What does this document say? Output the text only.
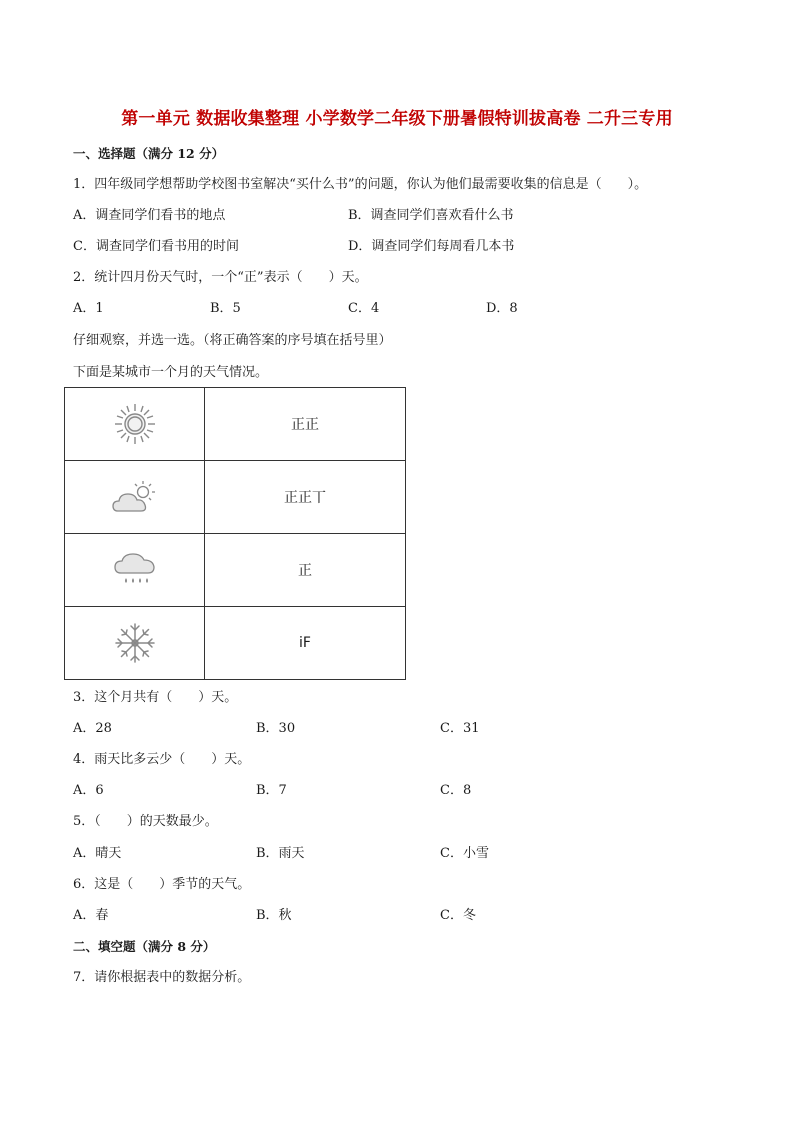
第一单元 数据收集整理 小学数学二年级下册暑假特训拔高卷 二升三专用
一、选择题（满分 12 分）
1．四年级同学想帮助学校图书室解决“买什么书”的问题，你认为他们最需要收集的信息是（　　）。
A．调查同学们看书的地点	B．调查同学们喜欢看什么书
C．调查同学们看书用的时间	D．调查同学们每周看几本书
2．统计四月份天气时，一个“正”表示（　　）天。
A．1	B．5	C．4	D．8
仔细观察，并选一选。（将正确答案的序号填在括号里）
下面是某城市一个月的天气情况。
	正正

	正正丅

	正

	iF
3．这个月共有（　　）天。
A．28	B．30	C．31
4．雨天比多云少（　　）天。
A．6	B．7	C．8
5．（　　）的天数最少。
A．晴天	B．雨天	C．小雪
6．这是（　　）季节的天气。
A．春	B．秋	C．冬
二、填空题（满分 8 分）
7．请你根据表中的数据分析。
